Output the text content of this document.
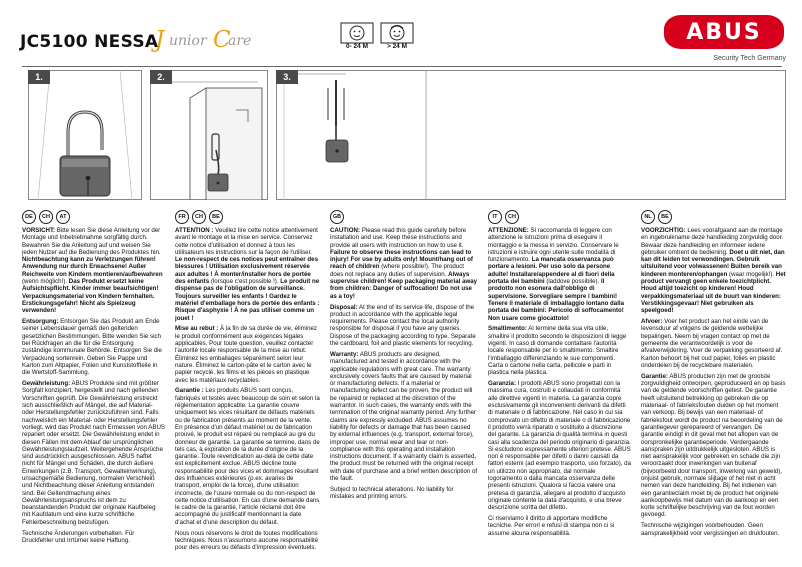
JC5100 NESSA
J unior C
are	0- 24 M	> 24 M
ABUS
Security Tech Germany
1.	2.	3.
DE	CH	AT	FR	CH	BE	GB	IT	CH	NL	BE

VORSICHT: Bitte lesen Sie diese Anleitung vor der Montage und Inbetriebnahme sorgfältig durch. Bewahren Sie die Anleitung auf und weisen Sie jeden Nutzer auf die Bedienung des Produktes hin. Nichtbeachtung kann zu Verletzungen führen! Anwendung nur durch Erwachsene! Außer Reichweite von Kindern montieren/aufbewahren (wenn möglich!). Das Produkt ersetzt keine Aufsichtspflicht. Kinder immer beaufsichtigen! Verpackungsmaterial von Kindern fernhalten. Erstickungsgefahr! Nicht als Spielzeug verwenden!

Entsorgung: Entsorgen Sie das Produkt am Ende seiner Lebensdauer gemäß den geltenden gesetzlichen Bestimmungen. Bitte wenden Sie sich bei Rückfragen an die für die Entsorgung zuständige kommunale Behörde. Entsorgen Sie die Verpackung sortenrein. Geben Sie Pappe und Karton zum Altpapier, Folien und Kunststoffteile in die Wertstoff-Sammlung.

Gewährleistung: ABUS Produkte sind mit größter Sorgfalt konzipiert, hergestellt und nach geltenden Vorschriften geprüft. Die Gewährleistung erstreckt sich ausschließlich auf Mängel, die auf Material- oder Herstellungsfehler zurückzuführen sind. Falls nachweislich ein Material- oder Herstellungsfehler vorliegt, wird das Produkt nach Ermessen von ABUS repariert oder ersetzt. Die Gewährleistung endet in diesen Fällen mit dem Ablauf der ursprünglichen Gewährleistungslaufzeit. Weitergehende Ansprüche sind ausdrücklich ausgeschlossen. ABUS haftet nicht für Mängel und Schäden, die durch äußere Einwirkungen (z.B. Transport, Gewalteinwirkung), unsachgemäße Bedienung, normalen Verschleiß und Nichtbeachtung dieser Anleitung entstanden sind. Bei Geltendmachung eines Gewährleistungsanspruchs ist dem zu beanstandenden Produkt der originale Kaufbeleg mit Kaufdatum und eine kurze schriftliche Fehlerbeschreibung beizufügen.

Technische Änderungen vorbehalten. Für Druckfehler und Irrtümer keine Haftung.

ATTENTION : Veuillez lire cette notice attentivement avant le montage et la mise en service. Conservez cette notice d'utilisation et donnez à tous les utilisateurs les instructions sur la façon de l'utiliser. Le non-respect de ces notices peut entraîner des blessures ! Utilisation exclusivement réservée aux adultes ! À monter/installer hors de portée des enfants (lorsque c'est possible !). Le produit ne dispense pas de l'obligation de surveillance. Toujours surveiller les enfants ! Gardez le matériel d'emballage hors de portée des enfants : Risque d'asphyxie ! À ne pas utiliser comme un jouet !

Mise au rebut : À la fin de sa durée de vie, éliminez le produit conformément aux exigences légales applicables. Pour toute question, veuillez contacter l'autorité locale responsable de la mise au rebut. Éliminez les emballages séparément selon leur nature. Éliminez le carton-pâte et le carton avec le papier recyclé, les films et les pièces en plastique avec les matériaux recyclables.

Garantie : Les produits ABUS sont conçus, fabriqués et testés avec beaucoup de soin et selon la réglementation applicable. La garantie couvre uniquement les vices résultant de défauts matériels ou de fabrication présents au moment de la vente. En présence d'un défaut matériel ou de fabrication prouvé, le produit est réparé ou remplacé au gré du donneur de garantie. La garantie se termine, dans de tels cas, à expiration de la durée d'origine de la garantie. Toute revendication au-delà de cette date est explicitement exclue. ABUS décline toute responsabilité pour des vices et dommages résultant des influences extérieures (p.ex. avaries de transport, emploi de la force), d'une utilisation incorrecte, de l'usure normale ou du non-respect de cette notice d'utilisation. En cas d'une demande dans le cadre de la garantie, l'article réclamé doit être accompagné du justificatif mentionnant la date d'achat et d'une description du défaut.

Nous nous réservons le droit de toutes modifications techniques. Nous n'assumons aucune responsabilité pour des erreurs ou défauts d'impression éventuels.

CAUTION: Please read this guide carefully before installation and use. Keep these instructions and provide all users with instruction on how to use it. Failure to observe these instructions can lead to injury! For use by adults only! Mount/hang out of reach of children (where possible!). The product does not replace any duties of supervision. Always supervise children! Keep packaging material away from children: Danger of suffocation! Do not use as a toy!

Disposal: At the end of its service life, dispose of the product in accordance with the applicable legal requirements. Please contact the local authority responsible for disposal if you have any queries. Dispose of the packaging according to type. Separate the cardboard, foil and plastic elements for recycling.

Warranty: ABUS products are designed, manufactured and tested in accordance with the applicable regulations with great care. The warranty exclusively covers faults that are caused by material or manufacturing defects. If a material or manufacturing defect can be proven, the product will be repaired or replaced at the discretion of the warrantor. In such cases, the warranty ends with the termination of the original warranty period. Any further claims are expressly excluded. ABUS assumes no liability for defects or damage that has been caused by external influences (e.g. transport, external force), improper use, normal wear and tear or non-compliance with this operating and installation instructions document. If a warranty claim is asserted, the product must be returned with the original receipt with date of purchase and a brief written description of the fault.

Subject to technical alterations. No liability for mistakes and printing errors.

ATTENZIONE: Si raccomanda di leggere con attenzione le istruzioni prima di eseguire il montaggio e la messa in servizio. Conservare le istruzioni e istruire ogni utente sulle modalità di funzionamento. La mancata osservanza può portare a lesioni. Per uso solo da persone adulte! Installare/appendere al di fuori della portata dei bambini (laddove possibile). Il prodotto non esonera dall'obbligo di supervisione. Sorvegliare sempre i bambini! Tenere il materiale di imballaggio lontano dalla portata dei bambini: Pericolo di soffocamento! Non usare come giocattolo!

Smaltimento: Al termine della sua vita utile, smaltire il prodotto secondo le disposizioni di legge vigenti. In caso di domande contattare l'autorità locale responsabile per lo smaltimento. Smaltire l'imballaggio differenziando le sue componenti. Carta o cartone nella carta, pellicole e parti in plastica nella plastica.

Garanzia: I prodotti ABUS sono progettati con la massima cura, costruiti e collaudati in conformità alle direttive vigenti in materia. La garanzia copre esclusivamente gli inconvenienti derivanti da difetti di materiale o di fabbricazione. Nel caso in cui sia comprovato un difetto di materiale o di fabbricazione il prodotto verrà riparato o sostituito a discrezione del garante. La garanzia di qualità termina in questi casi alla scadenza del periodo originario di garanzia. Si escludono espressamente ulteriori pretese. ABUS non è responsabile per difetti o danni causati da fattori esterni (ad esempio trasporto, uso forzato), da un utilizzo non appropriato, dal normale logoramento o dalla mancata osservanza delle presenti istruzioni. Qualora si faccia valere una pretesa di garanzia, allegare al prodotto d'acquisto originale contente la data d'acquisto, e una breve descrizione scritta del difetto.

Ci riserviamo il diritto di apportare modifiche tecniche. Per errori e refusi di stampa non ci si assume alcuna responsabilità.

VOORZICHTIG: Lees voorafgaand aan de montage en ingebruikname deze handleiding zorgvuldig door. Bewaar deze handleiding en informeer iedere gebruiker omtrent de bediening. Doet u dit niet, dan kan dit leiden tot verwondingen. Gebruik uitsluitend voor volwassenen! Buiten bereik van kinderen monteren/ophangen (waar mogelijk!). Het product vervangt geen enkele toezichtplicht. Houd altijd toezicht op kinderen! Houd verpakkingsmateriaal uit de buurt van kinderen: Verstikkingsgevaar! Niet gebruiken als speelgoed!

Afvoer: Voer het product aan het einde van de levensduur af volgens de geldende wettelijke bepalingen. Neem bij vragen contact op met de gemeente die verantwoordelijk is voor de afvalverwijdering. Voer de verpakking gesorteerd af. Karton behoort bij het oud papier, folies en plastic onderdelen bij de recyclebare materialen.

Garantie: ABUS producten zijn met de grootste zorgvuldigheid ontworpen, geproduceerd en op basis van de geldende voorschriften getest. De garantie heeft uitsluitend betrekking op gebreken die op materiaal- of fabrieksfouten duiden op het moment van verkoop. Bij bewijs van een materiaal- of fabrieksfout wordt de product na beoordeling van de garantiegever gerepareerd of vervangen. De garantie eindigt in dit geval met het aflopen van de oorspronkelijke garantieperiode. Verdergaande aanspraken zijn uitdrukkelijk uitgesloten. ABUS is niet aansprakelijk voor gebreken en schade die zijn veroorzaakt door inwerkingen van buitenaf (bijvoorbeeld door transport, inwerking van geweld), onjuist gebruik, normale slijtage of het niet in acht nemen van deze handleiding. Bij het indienen van een garantieclaim moet bij de product het originele aankoopbewijs met datum van de aankoop en een korte schriftelijke beschrijving van de fout worden gevoegd.

Technische wijzigingen voorbehouden. Geen aansprakelijkheid voor vergissingen en drukfouten.
